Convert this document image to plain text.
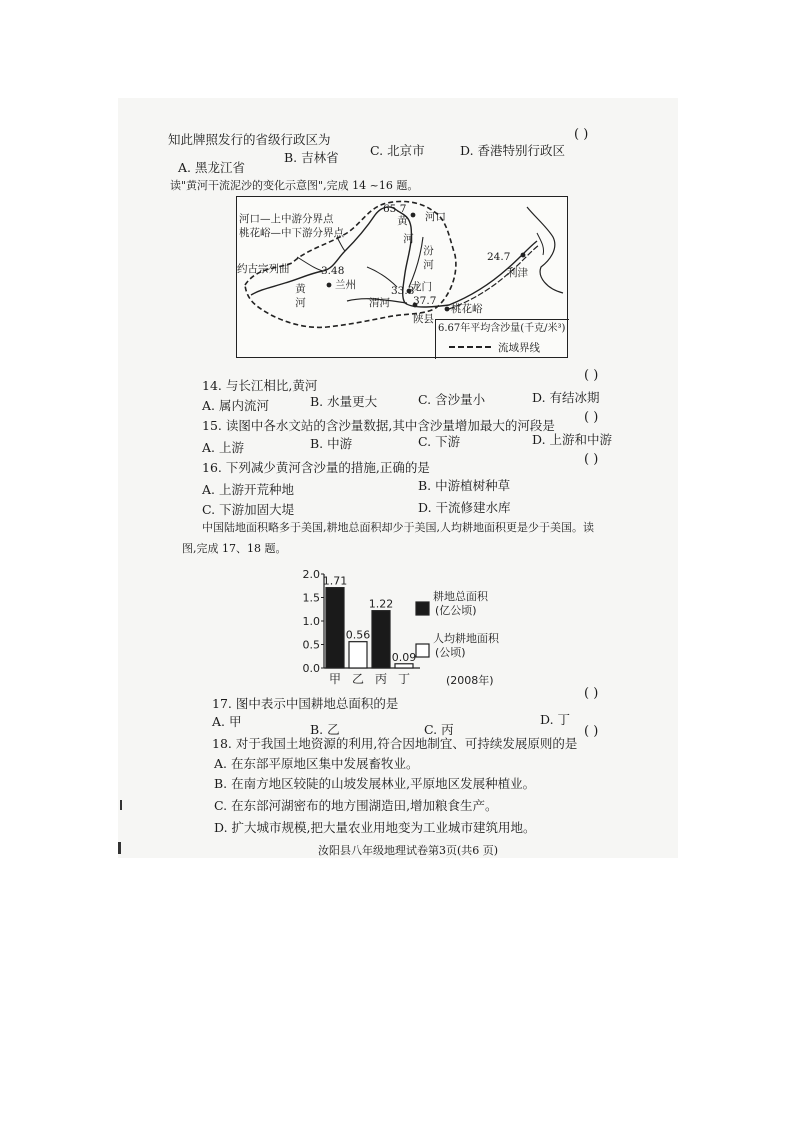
知此牌照发行的省级行政区为	( )
A. 黑龙江省
B. 吉林省	C. 北京市	D. 香港特别行政区
读"黄河干流泥沙的变化示意图",完成 14 ~16 题。
河口—上中游分界点
桃花峪—中下游分界点
约古宗列曲	3.48
兰州
渭河
陕县
33.3
龙门
37.7
65.7
河口
24.7
利津
桃花峪
黄
河
汾
河
黄
河
6.67年平均含沙量(千克/米³)
流域界线
14. 与长江相比,黄河
( )
A. 属内流河	B. 水量更大	C. 含沙量小	D. 有结冰期
15. 读图中各水文站的含沙量数据,其中含沙量增加最大的河段是
( )
A. 上游	B. 中游	C. 下游	D. 上游和中游
16. 下列减少黄河含沙量的措施,正确的是
( )
A. 上游开荒种地	B. 中游植树种草
C. 下游加固大堤	D. 干流修建水库
中国陆地面积略多于美国,耕地总面积却少于美国,人均耕地面积更是少于美国。读
图,完成 17、18 题。
2.0
1.5
1.0
0.5
0.0
1.71
甲
0.56
乙
1.22
丙
0.09
丁
耕地总面积
(亿公顷)
人均耕地面积
(公顷)
(2008年)
17. 图中表示中国耕地总面积的是
( )
A. 甲
B. 乙	C. 丙
D. 丁
18. 对于我国土地资源的利用,符合因地制宜、可持续发展原则的是
( )
A. 在东部平原地区集中发展畜牧业。
B. 在南方地区较陡的山坡发展林业,平原地区发展种植业。
C. 在东部河湖密布的地方围湖造田,增加粮食生产。
D. 扩大城市规模,把大量农业用地变为工业城市建筑用地。
汝阳县八年级地理试卷第3页(共6 页)
